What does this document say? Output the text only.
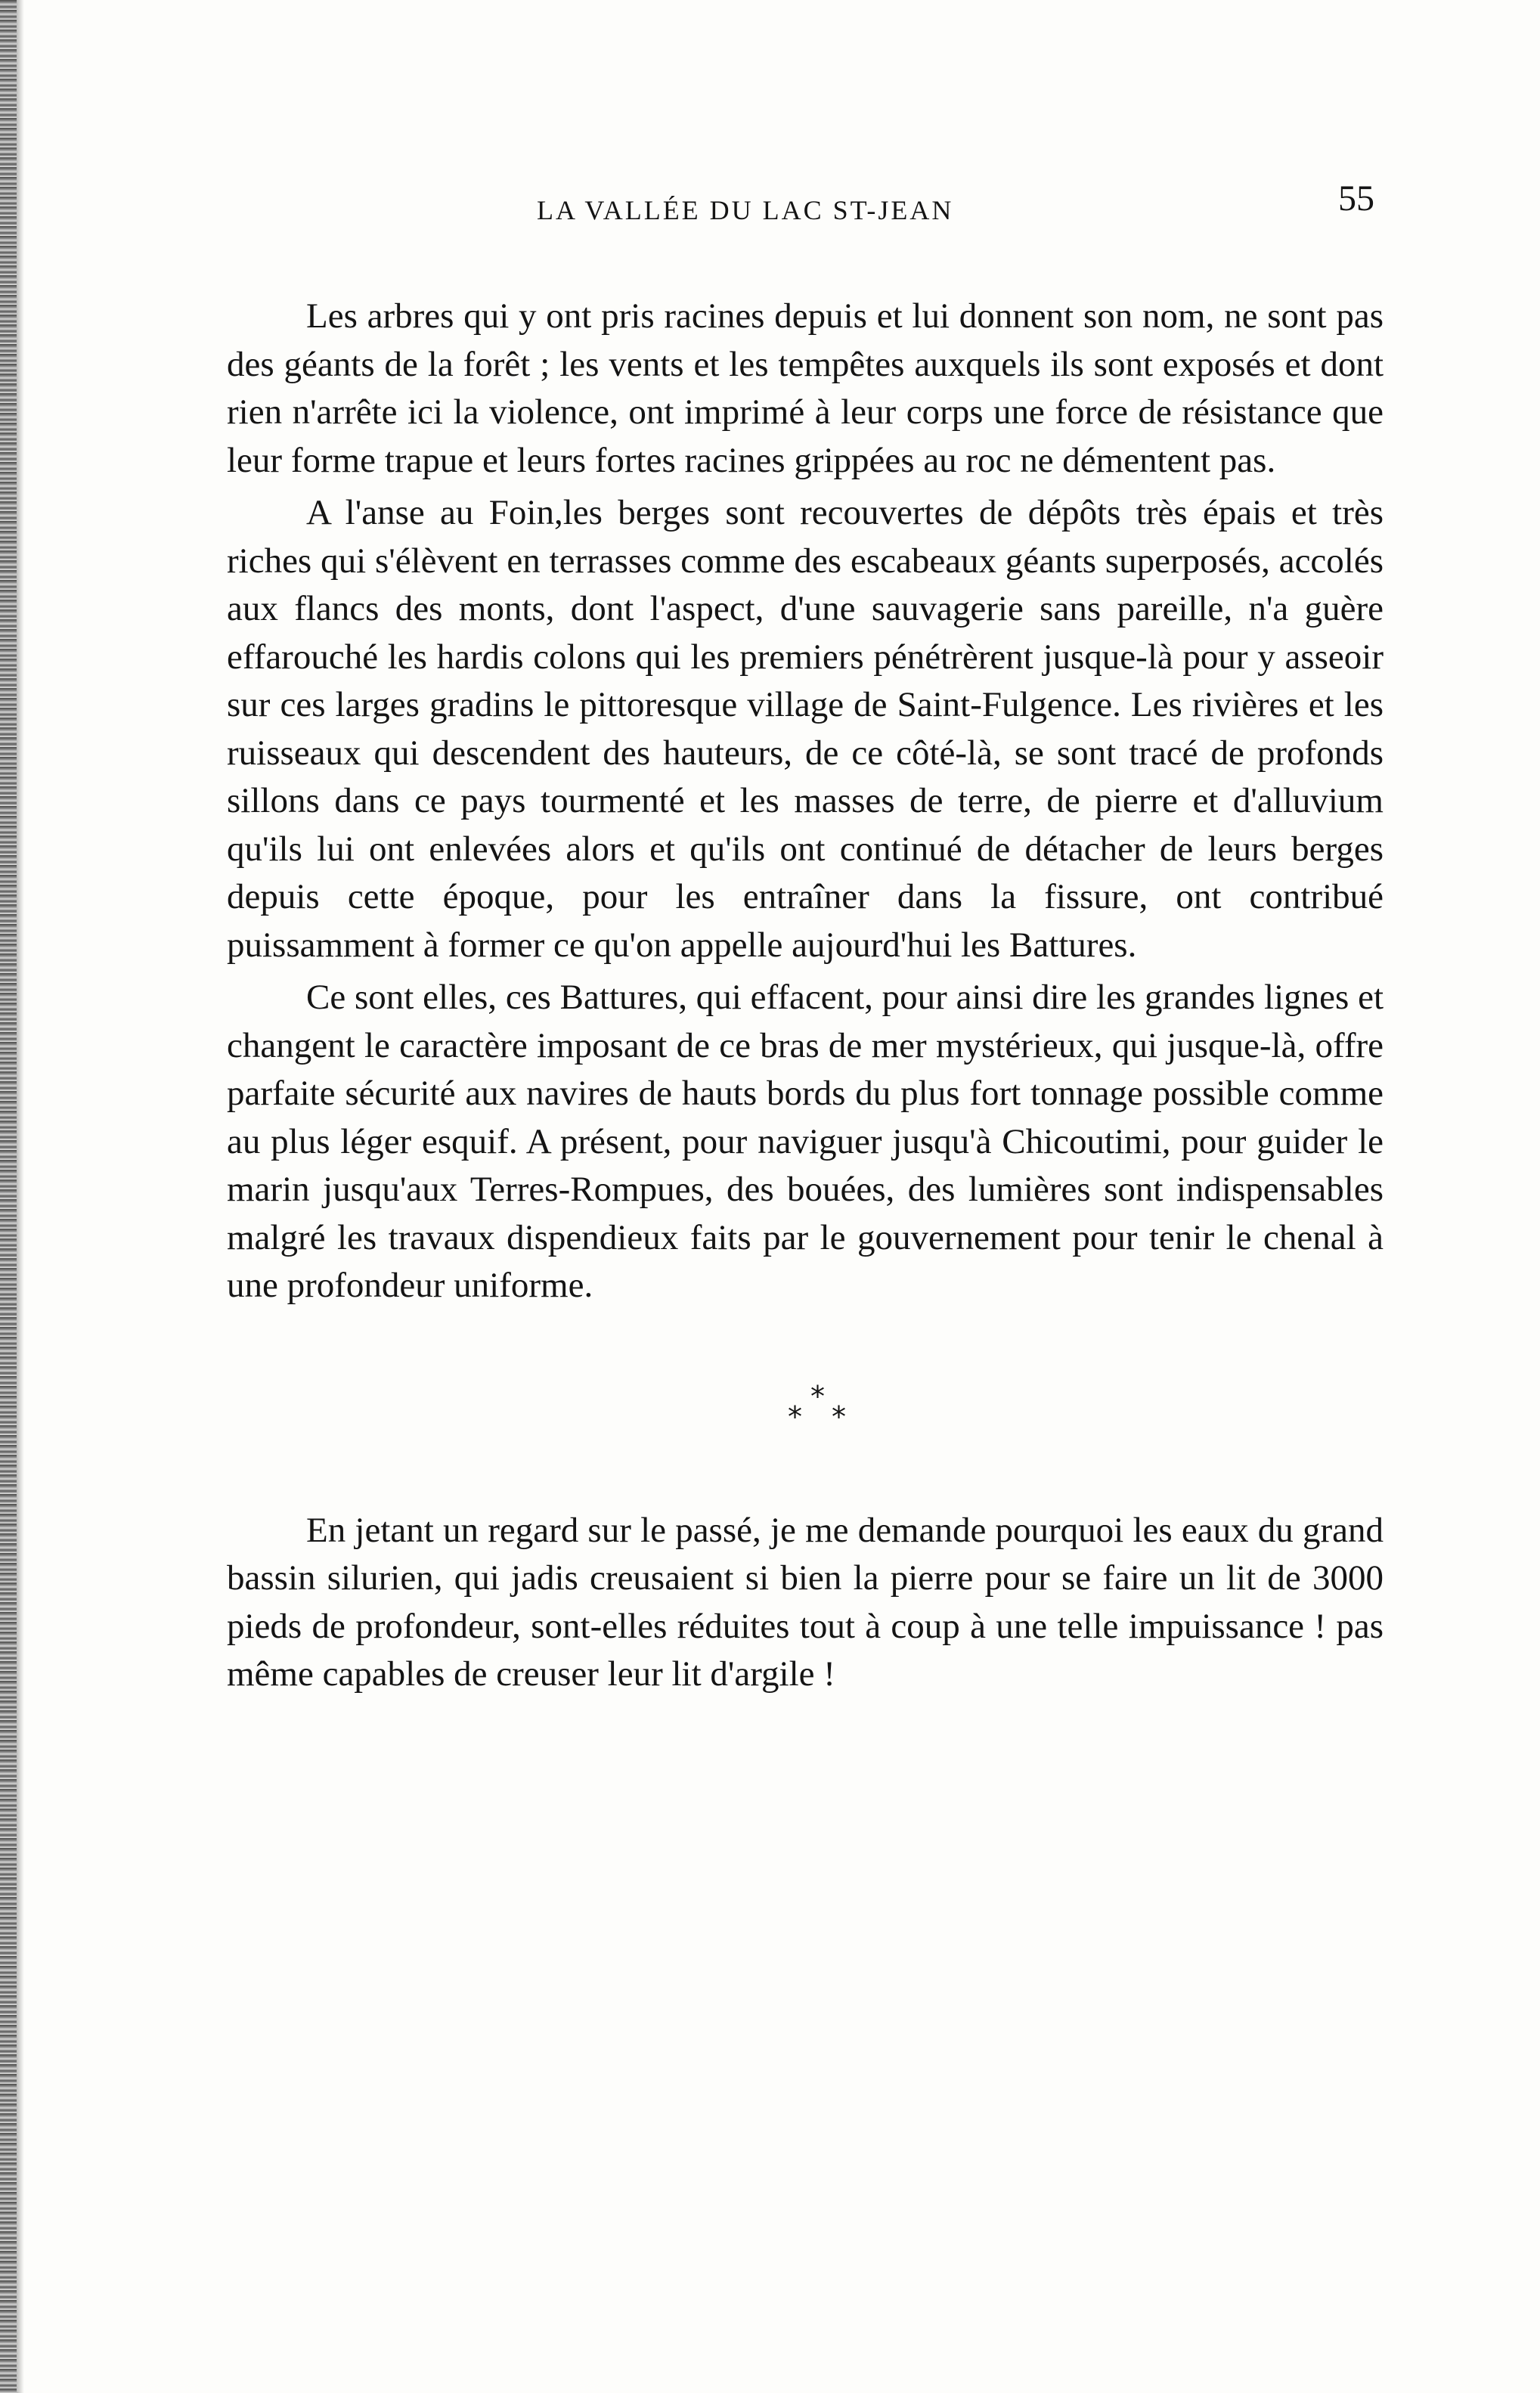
LA VALLÉE DU LAC ST-JEAN	55

Les arbres qui y ont pris racines depuis et lui donnent son nom, ne sont pas des géants de la forêt ; les vents et les tempêtes auxquels ils sont exposés et dont rien n'arrête ici la violence, ont imprimé à leur corps une force de résistance que leur forme trapue et leurs fortes racines grippées au roc ne démentent pas.

A l'anse au Foin,les berges sont recouvertes de dépôts très épais et très riches qui s'élèvent en terrasses comme des escabeaux géants superposés, accolés aux flancs des monts, dont l'aspect, d'une sauvagerie sans pareille, n'a guère effarouché les hardis colons qui les premiers pénétrèrent jusque-là pour y asseoir sur ces larges gradins le pittoresque village de Saint-Fulgence. Les rivières et les ruisseaux qui descendent des hauteurs, de ce côté-là, se sont tracé de profonds sillons dans ce pays tourmenté et les masses de terre, de pierre et d'alluvium qu'ils lui ont enlevées alors et qu'ils ont continué de détacher de leurs berges depuis cette époque, pour les entraîner dans la fissure, ont contribué puissamment à former ce qu'on appelle aujourd'hui les Battures.

Ce sont elles, ces Battures, qui effacent, pour ainsi dire les grandes lignes et changent le caractère imposant de ce bras de mer mystérieux, qui jusque-là, offre parfaite sécurité aux navires de hauts bords du plus fort tonnage possible comme au plus léger esquif. A présent, pour naviguer jusqu'à Chicoutimi, pour guider le marin jusqu'aux Terres-Rompues, des bouées, des lumières sont indispensables malgré les travaux dispendieux faits par le gouvernement pour tenir le chenal à une profondeur uniforme.

*
* *

En jetant un regard sur le passé, je me demande pourquoi les eaux du grand bassin silurien, qui jadis creusaient si bien la pierre pour se faire un lit de 3000 pieds de profondeur, sont-elles réduites tout à coup à une telle impuissance ! pas même capables de creuser leur lit d'argile !
